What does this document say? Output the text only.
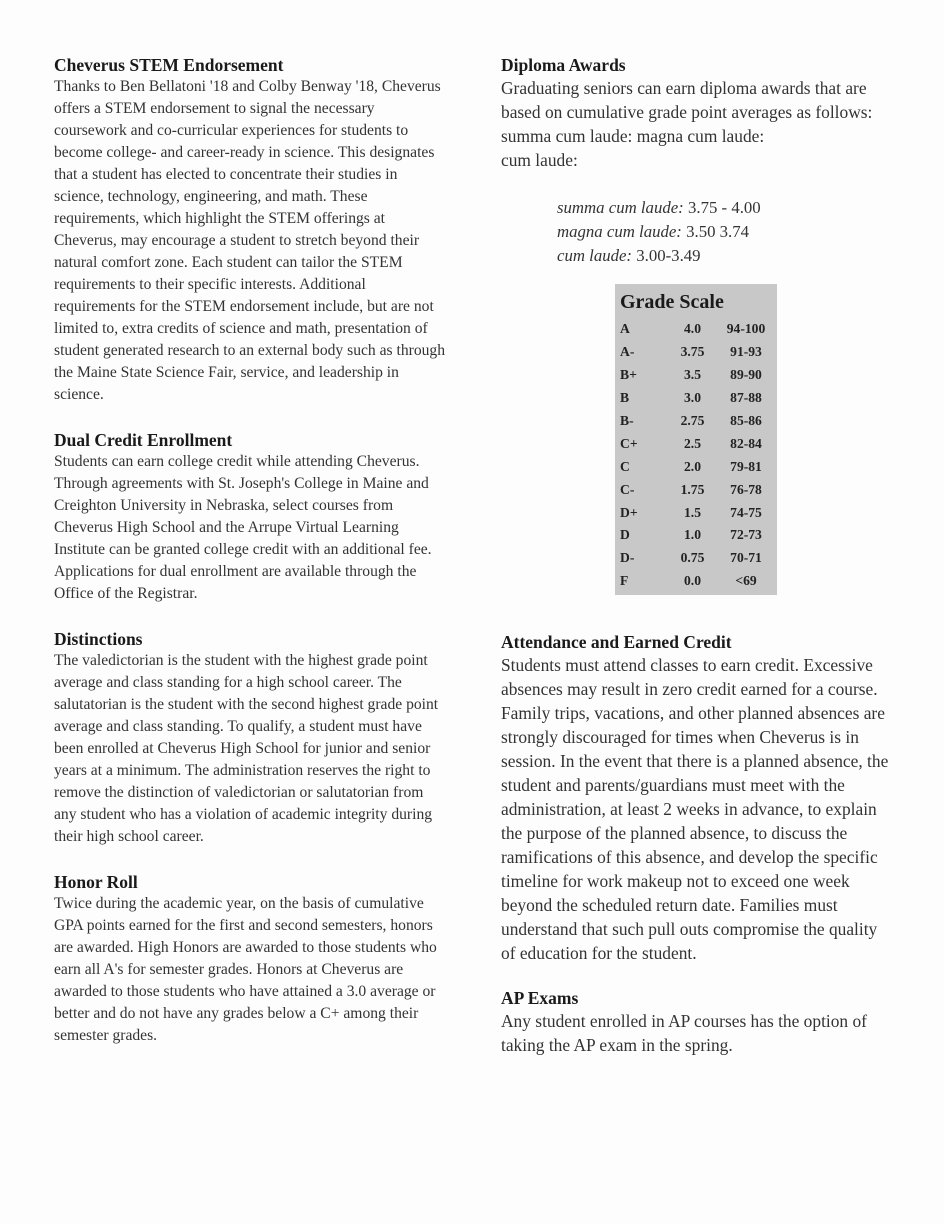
Cheverus STEM Endorsement

Thanks to Ben Bellatoni '18 and Colby Benway '18, Cheverus offers a STEM endorsement to signal the necessary coursework and co-curricular experiences for students to become college- and career-ready in science. This designates that a student has elected to concentrate their studies in science, technology, engineering, and math. These requirements, which highlight the STEM offerings at Cheverus, may encourage a student to stretch beyond their natural comfort zone. Each student can tailor the STEM requirements to their specific interests. Additional requirements for the STEM endorsement include, but are not limited to, extra credits of science and math, presentation of student generated research to an external body such as through the Maine State Science Fair, service, and leadership in science.

Dual Credit Enrollment

Students can earn college credit while attending Cheverus. Through agreements with St. Joseph's College in Maine and Creighton University in Nebraska, select courses from Cheverus High School and the Arrupe Virtual Learning Institute can be granted college credit with an additional fee. Applications for dual enrollment are available through the Office of the Registrar.

Distinctions

The valedictorian is the student with the highest grade point average and class standing for a high school career. The salutatorian is the student with the second highest grade point average and class standing. To qualify, a student must have been enrolled at Cheverus High School for junior and senior years at a minimum. The administration reserves the right to remove the distinction of valedictorian or salutatorian from any student who has a violation of academic integrity during their high school career.

Honor Roll

Twice during the academic year, on the basis of cumulative GPA points earned for the first and second semesters, honors are awarded. High Honors are awarded to those students who earn all A's for semester grades. Honors at Cheverus are awarded to those students who have attained a 3.0 average or better and do not have any grades below a C+ among their semester grades.

Diploma Awards

Graduating seniors can earn diploma awards that are
based on cumulative grade point averages as follows:
summa cum laude: magna cum laude:
cum laude:

summa cum laude: 3.75 - 4.00
magna cum laude: 3.50 3.74
cum laude: 3.00-3.49
Grade Scale
A	4.0	94-100
A-	3.75	91-93
B+	3.5	89-90
B	3.0	87-88
B-	2.75	85-86
C+	2.5	82-84
C	2.0	79-81
C-	1.75	76-78
D+	1.5	74-75
D	1.0	72-73
D-	0.75	70-71
F	0.0	<69
Attendance and Earned Credit

Students must attend classes to earn credit. Excessive absences may result in zero credit earned for a course. Family trips, vacations, and other planned absences are strongly discouraged for times when Cheverus is in session. In the event that there is a planned absence, the student and parents/guardians must meet with the administration, at least 2 weeks in advance, to explain the purpose of the planned absence, to discuss the ramifications of this absence, and develop the specific timeline for work makeup not to exceed one week beyond the scheduled return date. Families must understand that such pull outs compromise the quality of education for the student.

AP Exams

Any student enrolled in AP courses has the option of taking the AP exam in the spring.
